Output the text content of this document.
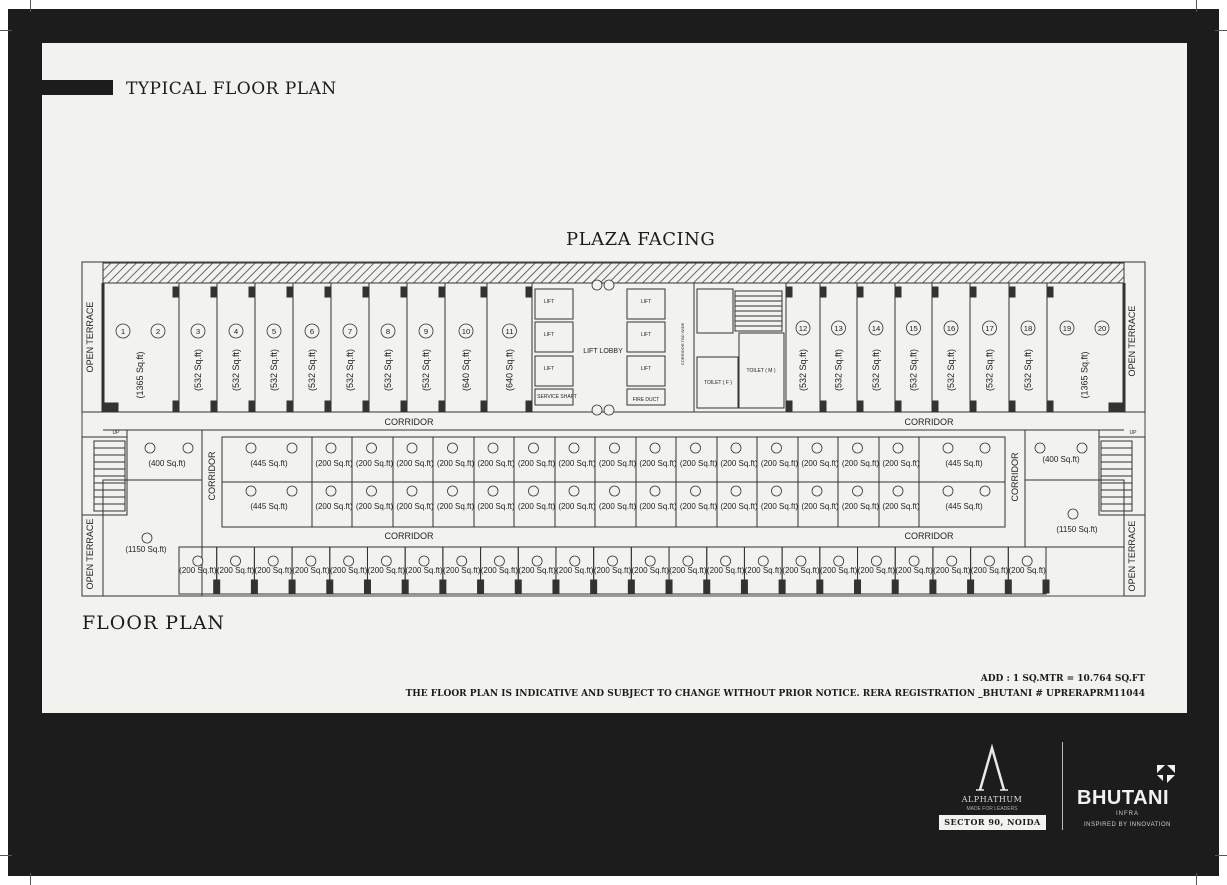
TYPICAL FLOOR PLAN
PLAZA FACING
1	2
(1365 Sq.ft)
3
(532 Sq.ft)
4
(532 Sq.ft)
5
(532 Sq.ft)
6
(532 Sq.ft)
7
(532 Sq.ft)
8
(532 Sq.ft)
9
(532 Sq.ft)
10
(640 Sq.ft)
11
(640 Sq.ft)
12
(532 Sq.ft)
13
(532 Sq.ft)
14
(532 Sq.ft)
15
(532 Sq.ft)
16
(532 Sq.ft)
17
(532 Sq.ft)
18
(532 Sq.ft)
19	20
(1365 Sq.ft)
OPEN TERRACE	OPEN TERRACE
OPEN TERRACE	OPEN TERRACE
LIFT
LIFT
LIFT
LIFT
LIFT
LIFT
SERVICE SHAFT	FIRE DUCT
LIFT LOBBY	CORRIDOR TBD WIDE
TOILET ( M )
TOILET ( F )
CORRIDOR	CORRIDOR
CORRIDOR	CORRIDOR
CORRIDOR	CORRIDOR
UP	UP
(400 Sq.ft)	(400 Sq.ft)
(1150 Sq.ft)
(1150 Sq.ft)
(445 Sq.ft)	(200 Sq.ft) (200 Sq.ft) (200 Sq.ft) (200 Sq.ft) (200 Sq.ft) (200 Sq.ft) (200 Sq.ft) (200 Sq.ft) (200 Sq.ft) (200 Sq.ft) (200 Sq.ft) (200 Sq.ft) (200 Sq.ft) (200 Sq.ft) (200 Sq.ft)	(445 Sq.ft)
(445 Sq.ft)	(200 Sq.ft) (200 Sq.ft) (200 Sq.ft) (200 Sq.ft) (200 Sq.ft) (200 Sq.ft) (200 Sq.ft) (200 Sq.ft) (200 Sq.ft) (200 Sq.ft) (200 Sq.ft) (200 Sq.ft) (200 Sq.ft) (200 Sq.ft) (200 Sq.ft)	(445 Sq.ft)
(200 Sq.ft) (200 Sq.ft) (200 Sq.ft) (200 Sq.ft) (200 Sq.ft) (200 Sq.ft) (200 Sq.ft) (200 Sq.ft) (200 Sq.ft) (200 Sq.ft) (200 Sq.ft) (200 Sq.ft) (200 Sq.ft) (200 Sq.ft) (200 Sq.ft) (200 Sq.ft) (200 Sq.ft) (200 Sq.ft) (200 Sq.ft) (200 Sq.ft) (200 Sq.ft) (200 Sq.ft) (200 Sq.ft)
FLOOR PLAN
ADD : 1 SQ.MTR = 10.764 SQ.FT
THE FLOOR PLAN IS INDICATIVE AND SUBJECT TO CHANGE WITHOUT PRIOR NOTICE. RERA REGISTRATION _BHUTANI # UPRERAPRM11044
ALPHATHUM
MADE FOR LEADERS
SECTOR 90, NOIDA
BHUTANI
INFRA
INSPIRED BY INNOVATION
